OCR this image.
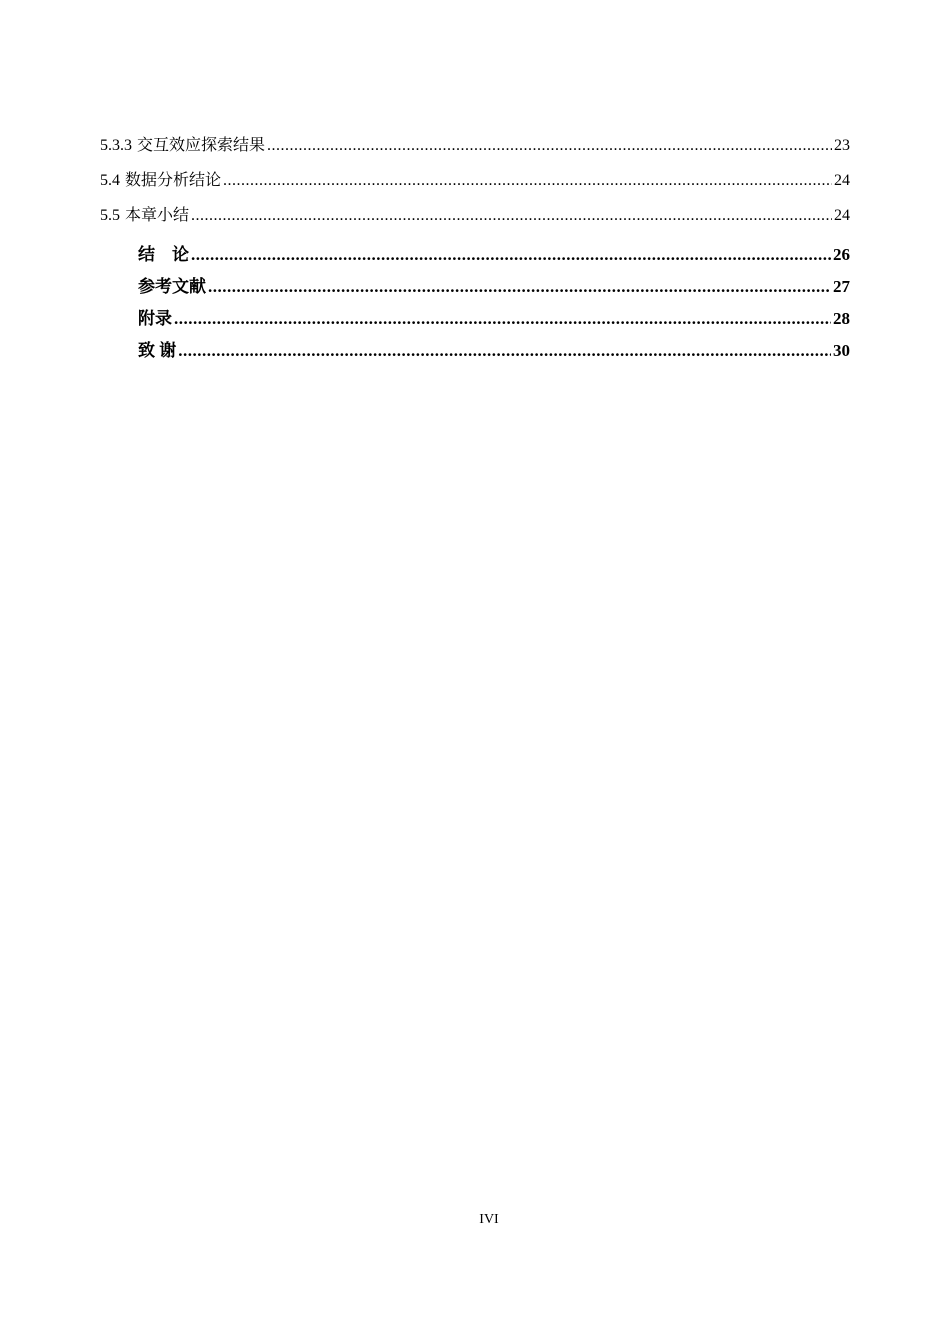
5.3.3 交互效应探索结果 .....	23
5.4 数据分析结论 .....	24
5.5 本章小结 .....	24
结　论 .....	26
参考文献 .....	27
附录 .....	28
致 谢 .....	30
IVI
